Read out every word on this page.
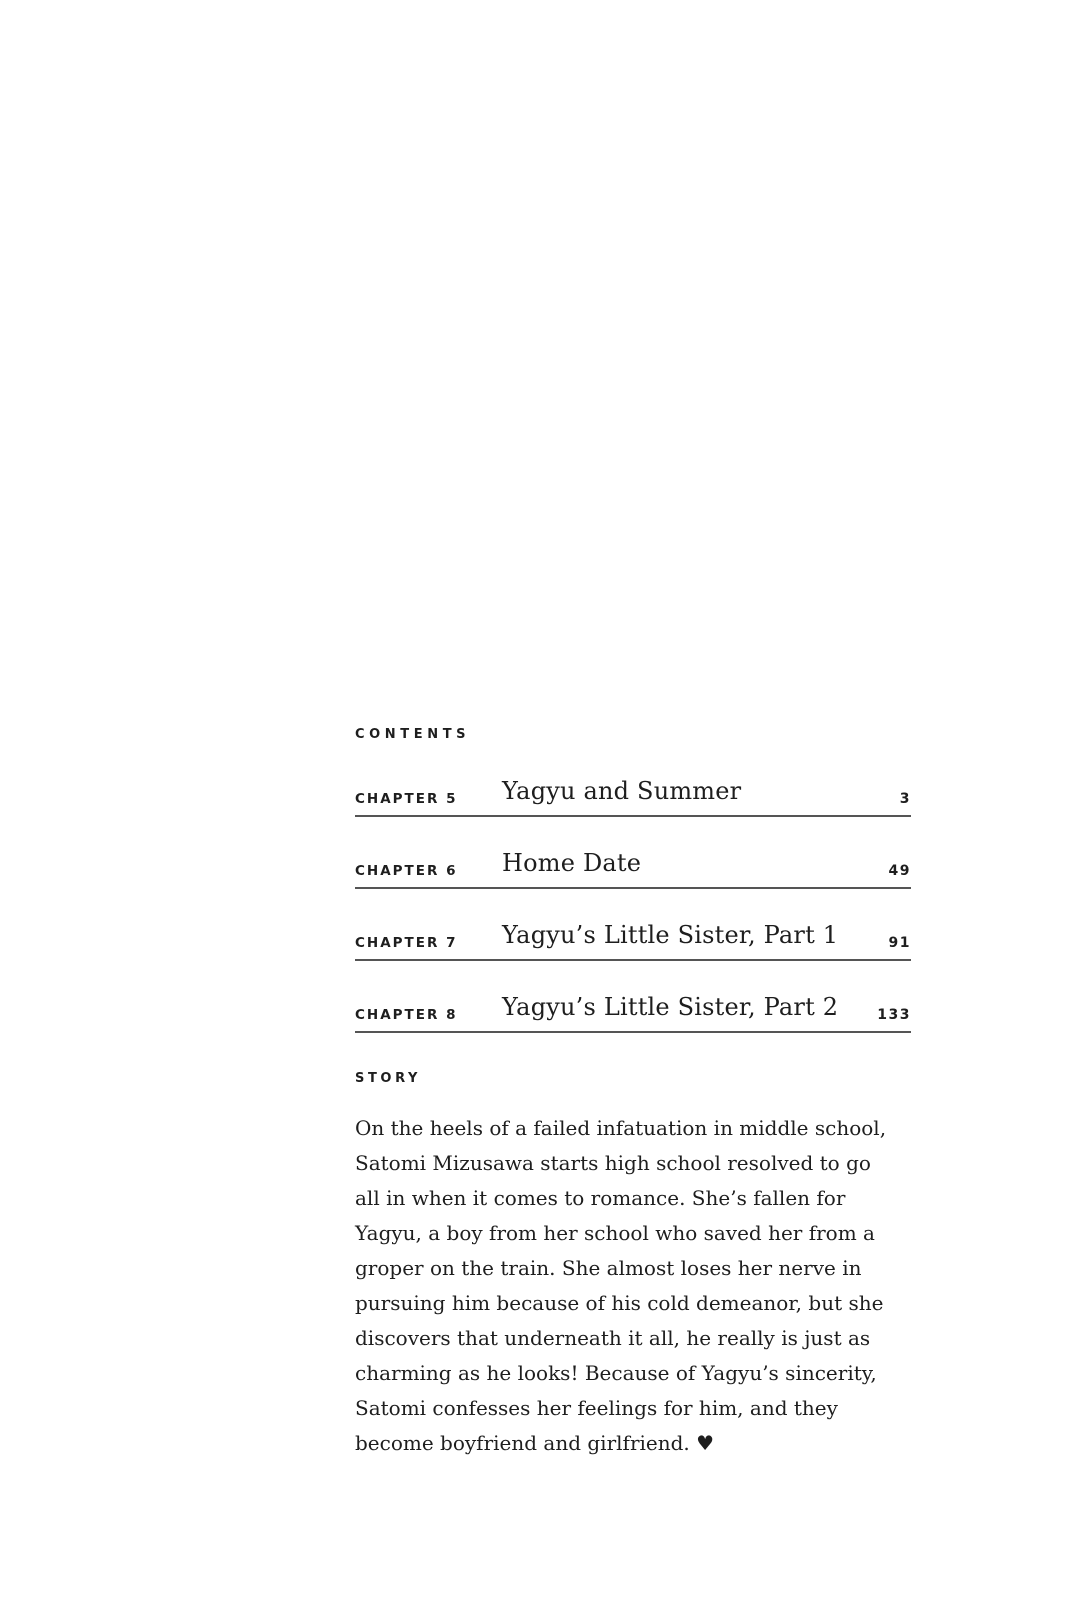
CONTENTS
CHAPTER 5 Yagyu and Summer	3
CHAPTER 6 Home Date	49
CHAPTER 7 Yagyu’s Little Sister, Part 1	91
CHAPTER 8 Yagyu’s Little Sister, Part 2	133
STORY

On the heels of a failed infatuation in middle school,
Satomi Mizusawa starts high school resolved to go
all in when it comes to romance. She’s fallen for
Yagyu, a boy from her school who saved her from a
groper on the train. She almost loses her nerve in
pursuing him because of his cold demeanor, but she
discovers that underneath it all, he really is just as
charming as he looks! Because of Yagyu’s sincerity,
Satomi confesses her feelings for him, and they
become boyfriend and girlfriend. ♥
